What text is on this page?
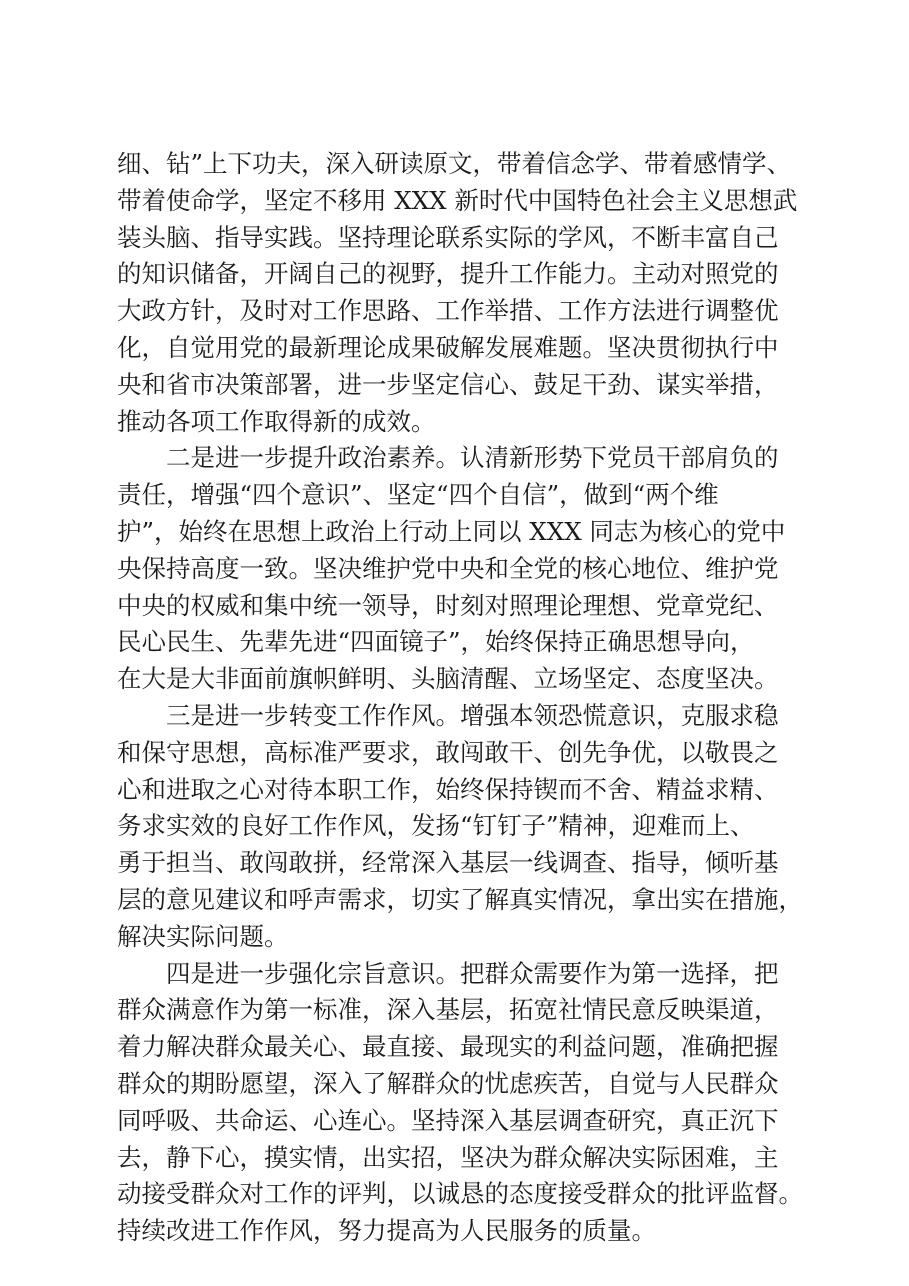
细、钻”上下功夫，深入研读原文，带着信念学、带着感情学、
带着使命学，坚定不移用 XXX 新时代中国特色社会主义思想武
装头脑、指导实践。坚持理论联系实际的学风，不断丰富自己
的知识储备，开阔自己的视野，提升工作能力。主动对照党的
大政方针，及时对工作思路、工作举措、工作方法进行调整优
化，自觉用党的最新理论成果破解发展难题。坚决贯彻执行中
央和省市决策部署，进一步坚定信心、鼓足干劲、谋实举措，
推动各项工作取得新的成效。
　　二是进一步提升政治素养。认清新形势下党员干部肩负的
责任，增强“四个意识”、坚定“四个自信”，做到“两个维
护”，始终在思想上政治上行动上同以 XXX 同志为核心的党中
央保持高度一致。坚决维护党中央和全党的核心地位、维护党
中央的权威和集中统一领导，时刻对照理论理想、党章党纪、
民心民生、先辈先进“四面镜子”，始终保持正确思想导向，
在大是大非面前旗帜鲜明、头脑清醒、立场坚定、态度坚决。
　　三是进一步转变工作作风。增强本领恐慌意识，克服求稳
和保守思想，高标准严要求，敢闯敢干、创先争优，以敬畏之
心和进取之心对待本职工作，始终保持锲而不舍、精益求精、
务求实效的良好工作作风，发扬“钉钉子”精神，迎难而上、
勇于担当、敢闯敢拼，经常深入基层一线调查、指导，倾听基
层的意见建议和呼声需求，切实了解真实情况，拿出实在措施，
解决实际问题。
　　四是进一步强化宗旨意识。把群众需要作为第一选择，把
群众满意作为第一标准，深入基层，拓宽社情民意反映渠道，
着力解决群众最关心、最直接、最现实的利益问题，准确把握
群众的期盼愿望，深入了解群众的忧虑疾苦，自觉与人民群众
同呼吸、共命运、心连心。坚持深入基层调查研究，真正沉下
去，静下心，摸实情，出实招，坚决为群众解决实际困难，主
动接受群众对工作的评判，以诚恳的态度接受群众的批评监督。
持续改进工作作风，努力提高为人民服务的质量。
